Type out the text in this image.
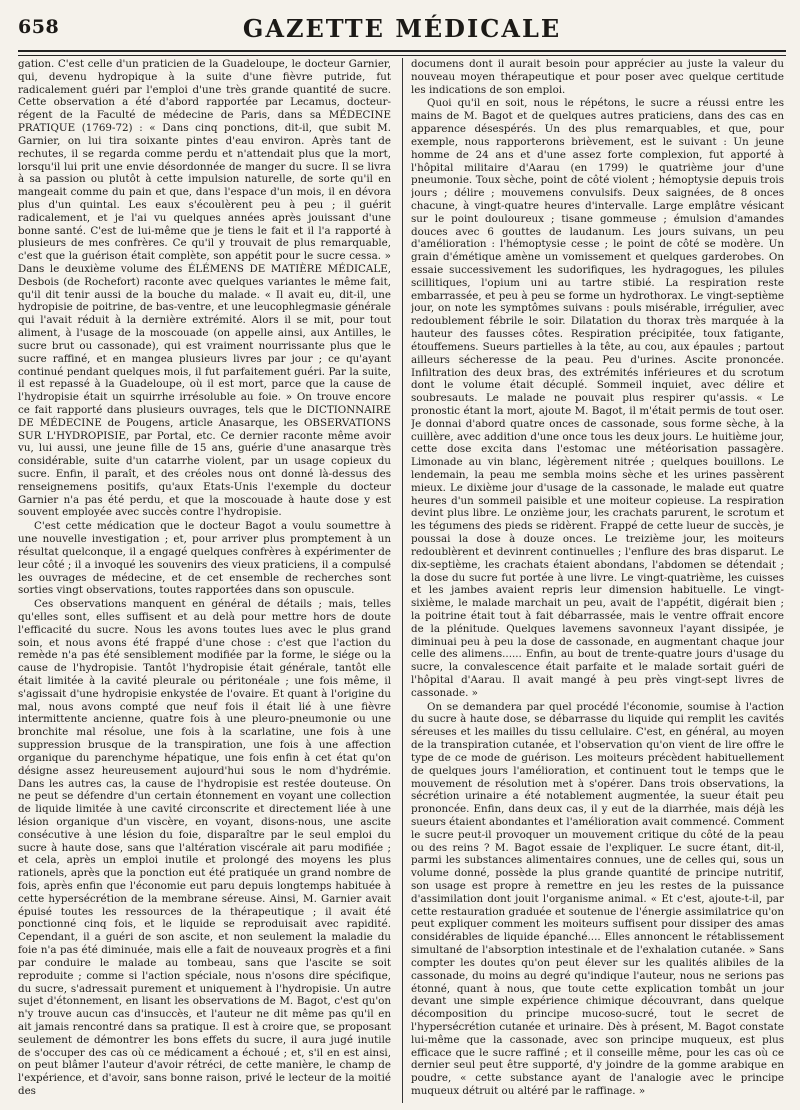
658	GAZETTE MÉDICALE

gation. C'est celle d'un praticien de la Guadeloupe, le docteur Garnier, qui, devenu hydropique à la suite d'une fièvre putride, fut radicalement guéri par l'emploi d'une très grande quantité de sucre. Cette observation a été d'abord rapportée par Lecamus, docteur-régent de la Faculté de médecine de Paris, dans sa MÉDECINE PRATIQUE (1769-72) : « Dans cinq ponctions, dit-il, que subit M. Garnier, on lui tira soixante pintes d'eau environ. Après tant de rechutes, il se regarda comme perdu et n'attendait plus que la mort, lorsqu'il lui prit une envie désordonnée de manger du sucre. Il se livra à sa passion ou plutôt à cette impulsion naturelle, de sorte qu'il en mangeait comme du pain et que, dans l'espace d'un mois, il en dévora plus d'un quintal. Les eaux s'écoulèrent peu à peu ; il guérit radicalement, et je l'ai vu quelques années après jouissant d'une bonne santé. C'est de lui-même que je tiens le fait et il l'a rapporté à plusieurs de mes confrères. Ce qu'il y trouvait de plus remarquable, c'est que la guérison était complète, son appétit pour le sucre cessa. » Dans le deuxième volume des ÉLÉMENS DE MATIÈRE MÉDICALE, Desbois (de Rochefort) raconte avec quelques variantes le même fait, qu'il dit tenir aussi de la bouche du malade. « Il avait eu, dit-il, une hydropisie de poitrine, de bas-ventre, et une leucophlegmasie générale qui l'avait réduit à la dernière extrémité. Alors il se mit, pour tout aliment, à l'usage de la moscouade (on appelle ainsi, aux Antilles, le sucre brut ou cassonade), qui est vraiment nourrissante plus que le sucre raffiné, et en mangea plusieurs livres par jour ; ce qu'ayant continué pendant quelques mois, il fut parfaitement guéri. Par la suite, il est repassé à la Guadeloupe, où il est mort, parce que la cause de l'hydropisie était un squirrhe irrésoluble au foie. » On trouve encore ce fait rapporté dans plusieurs ouvrages, tels que le DICTIONNAIRE DE MÉDECINE de Pougens, article Anasarque, les OBSERVATIONS SUR L'HYDROPISIE, par Portal, etc. Ce dernier raconte même avoir vu, lui aussi, une jeune fille de 15 ans, guérie d'une anasarque très considérable, suite d'un catarrhe violent, par un usage copieux du sucre. Enfin, il paraît, et des créoles nous ont donné là-dessus des renseignemens positifs, qu'aux Etats-Unis l'exemple du docteur Garnier n'a pas été perdu, et que la moscouade à haute dose y est souvent employée avec succès contre l'hydropisie.

C'est cette médication que le docteur Bagot a voulu soumettre à une nouvelle investigation ; et, pour arriver plus promptement à un résultat quelconque, il a engagé quelques confrères à expérimenter de leur côté ; il a invoqué les souvenirs des vieux praticiens, il a compulsé les ouvrages de médecine, et de cet ensemble de recherches sont sorties vingt observations, toutes rapportées dans son opuscule.

Ces observations manquent en général de détails ; mais, telles qu'elles sont, elles suffisent et au delà pour mettre hors de doute l'efficacité du sucre. Nous les avons toutes lues avec le plus grand soin, et nous avons été frappé d'une chose : c'est que l'action du remède n'a pas été sensiblement modifiée par la forme, le siége ou la cause de l'hydropisie. Tantôt l'hydropisie était générale, tantôt elle était limitée à la cavité pleurale ou péritonéale ; une fois même, il s'agissait d'une hydropisie enkystée de l'ovaire. Et quant à l'origine du mal, nous avons compté que neuf fois il était lié à une fièvre intermittente ancienne, quatre fois à une pleuro-pneumonie ou une bronchite mal résolue, une fois à la scarlatine, une fois à une suppression brusque de la transpiration, une fois à une affection organique du parenchyme hépatique, une fois enfin à cet état qu'on désigne assez heureusement aujourd'hui sous le nom d'hydrémie. Dans les autres cas, la cause de l'hydropisie est restée douteuse. On ne peut se défendre d'un certain étonnement en voyant une collection de liquide limitée à une cavité circonscrite et directement liée à une lésion organique d'un viscère, en voyant, disons-nous, une ascite consécutive à une lésion du foie, disparaître par le seul emploi du sucre à haute dose, sans que l'altération viscérale ait paru modifiée ; et cela, après un emploi inutile et prolongé des moyens les plus rationels, après que la ponction eut été pratiquée un grand nombre de fois, après enfin que l'économie eut paru depuis longtemps habituée à cette hypersécrétion de la membrane séreuse. Ainsi, M. Garnier avait épuisé toutes les ressources de la thérapeutique ; il avait été ponctionné cinq fois, et le liquide se reproduisait avec rapidité. Cependant, il a guéri de son ascite, et non seulement la maladie du foie n'a pas été diminuée, mais elle a fait de nouveaux progrès et a fini par conduire le malade au tombeau, sans que l'ascite se soit reproduite ; comme si l'action spéciale, nous n'osons dire spécifique, du sucre, s'adressait purement et uniquement à l'hydropisie. Un autre sujet d'étonnement, en lisant les observations de M. Bagot, c'est qu'on n'y trouve aucun cas d'insuccès, et l'auteur ne dit même pas qu'il en ait jamais rencontré dans sa pratique. Il est à croire que, se proposant seulement de démontrer les bons effets du sucre, il aura jugé inutile de s'occuper des cas où ce médicament a échoué ; et, s'il en est ainsi, on peut blâmer l'auteur d'avoir rétréci, de cette manière, le champ de l'expérience, et d'avoir, sans bonne raison, privé le lecteur de la moitié des

documens dont il aurait besoin pour apprécier au juste la valeur du nouveau moyen thérapeutique et pour poser avec quelque certitude les indications de son emploi.

Quoi qu'il en soit, nous le répétons, le sucre a réussi entre les mains de M. Bagot et de quelques autres praticiens, dans des cas en apparence désespérés. Un des plus remarquables, et que, pour exemple, nous rapporterons brièvement, est le suivant : Un jeune homme de 24 ans et d'une assez forte complexion, fut apporté à l'hôpital militaire d'Aarau (en 1799) le quatrième jour d'une pneumonie. Toux sèche, point de côté violent ; hémoptysie depuis trois jours ; délire ; mouvemens convulsifs. Deux saignées, de 8 onces chacune, à vingt-quatre heures d'intervalle. Large emplâtre vésicant sur le point douloureux ; tisane gommeuse ; émulsion d'amandes douces avec 6 gouttes de laudanum. Les jours suivans, un peu d'amélioration : l'hémoptysie cesse ; le point de côté se modère. Un grain d'émétique amène un vomissement et quelques garderobes. On essaie successivement les sudorifiques, les hydragogues, les pilules scillitiques, l'opium uni au tartre stibié. La respiration reste embarrassée, et peu à peu se forme un hydrothorax. Le vingt-septième jour, on note les symptômes suivans : pouls misérable, irrégulier, avec redoublement fébrile le soir. Dilatation du thorax très marquée à la hauteur des fausses côtes. Respiration précipitée, toux fatigante, étouffemens. Sueurs partielles à la tête, au cou, aux épaules ; partout ailleurs sécheresse de la peau. Peu d'urines. Ascite prononcée. Infiltration des deux bras, des extrémités inférieures et du scrotum dont le volume était décuplé. Sommeil inquiet, avec délire et soubresauts. Le malade ne pouvait plus respirer qu'assis. « Le pronostic étant la mort, ajoute M. Bagot, il m'était permis de tout oser. Je donnai d'abord quatre onces de cassonade, sous forme sèche, à la cuillère, avec addition d'une once tous les deux jours. Le huitième jour, cette dose excita dans l'estomac une météorisation passagère. Limonade au vin blanc, légèrement nitrée ; quelques bouillons. Le lendemain, la peau me sembla moins sèche et les urines passèrent mieux. Le dixième jour d'usage de la cassonade, le malade eut quatre heures d'un sommeil paisible et une moiteur copieuse. La respiration devint plus libre. Le onzième jour, les crachats parurent, le scrotum et les tégumens des pieds se ridèrent. Frappé de cette lueur de succès, je poussai la dose à douze onces. Le treizième jour, les moiteurs redoublèrent et devinrent continuelles ; l'enflure des bras disparut. Le dix-septième, les crachats étaient abondans, l'abdomen se détendait ; la dose du sucre fut portée à une livre. Le vingt-quatrième, les cuisses et les jambes avaient repris leur dimension habituelle. Le vingt-sixième, le malade marchait un peu, avait de l'appétit, digérait bien ; la poitrine était tout à fait débarrassée, mais le ventre offrait encore de la plénitude. Quelques lavemens savonneux l'ayant dissipée, je diminuai peu à peu la dose de cassonade, en augmentant chaque jour celle des alimens...... Enfin, au bout de trente-quatre jours d'usage du sucre, la convalescence était parfaite et le malade sortait guéri de l'hôpital d'Aarau. Il avait mangé à peu près vingt-sept livres de cassonade. »

On se demandera par quel procédé l'économie, soumise à l'action du sucre à haute dose, se débarrasse du liquide qui remplit les cavités séreuses et les mailles du tissu cellulaire. C'est, en général, au moyen de la transpiration cutanée, et l'observation qu'on vient de lire offre le type de ce mode de guérison. Les moiteurs précèdent habituellement de quelques jours l'amélioration, et continuent tout le temps que le mouvement de résolution met à s'opérer. Dans trois observations, la sécrétion urinaire a été notablement augmentée, la sueur était peu prononcée. Enfin, dans deux cas, il y eut de la diarrhée, mais déjà les sueurs étaient abondantes et l'amélioration avait commencé. Comment le sucre peut-il provoquer un mouvement critique du côté de la peau ou des reins ? M. Bagot essaie de l'expliquer. Le sucre étant, dit-il, parmi les substances alimentaires connues, une de celles qui, sous un volume donné, possède la plus grande quantité de principe nutritif, son usage est propre à remettre en jeu les restes de la puissance d'assimilation dont jouit l'organisme animal. « Et c'est, ajoute-t-il, par cette restauration graduée et soutenue de l'énergie assimilatrice qu'on peut expliquer comment les moiteurs suffisent pour dissiper des amas considérables de liquide épanché.... Elles annoncent le rétablissement simultané de l'absorption intestinale et de l'exhalation cutanée. » Sans compter les doutes qu'on peut élever sur les qualités alibiles de la cassonade, du moins au degré qu'indique l'auteur, nous ne serions pas étonné, quant à nous, que toute cette explication tombât un jour devant une simple expérience chimique découvrant, dans quelque décomposition du principe mucoso-sucré, tout le secret de l'hypersécrétion cutanée et urinaire. Dès à présent, M. Bagot constate lui-même que la cassonade, avec son principe muqueux, est plus efficace que le sucre raffiné ; et il conseille même, pour les cas où ce dernier seul peut être supporté, d'y joindre de la gomme arabique en poudre, « cette substance ayant de l'analogie avec le principe muqueux détruit ou altéré par le raffinage. »
